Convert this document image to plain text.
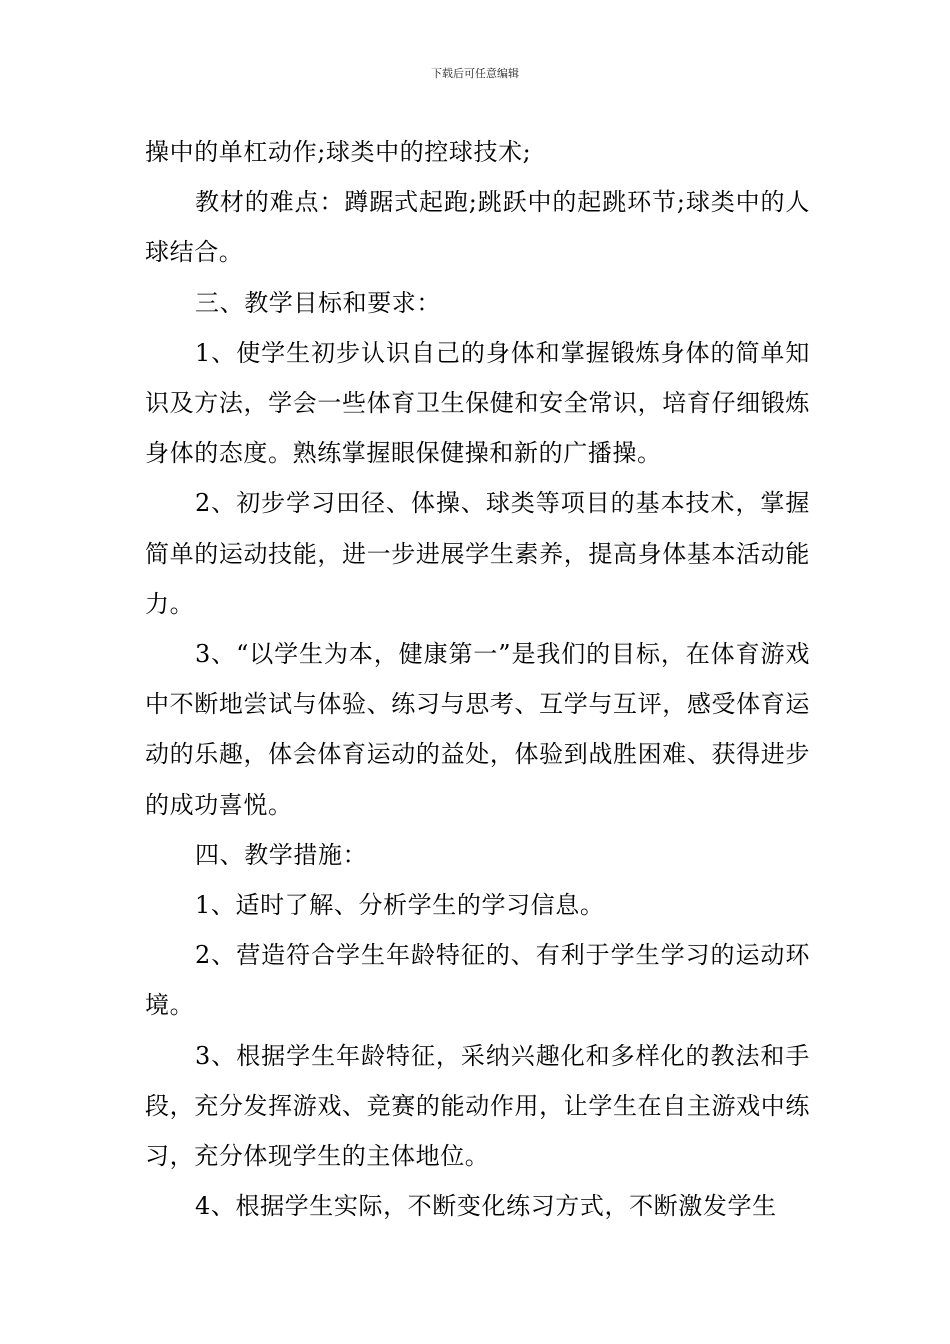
下载后可任意编辑

操中的单杠动作;球类中的控球技术;

教材的难点：蹲踞式起跑;跳跃中的起跳环节;球类中的人球结合。

三、教学目标和要求：

1、使学生初步认识自己的身体和掌握锻炼身体的简单知识及方法，学会一些体育卫生保健和安全常识，培育仔细锻炼身体的态度。熟练掌握眼保健操和新的广播操。

2、初步学习田径、体操、球类等项目的基本技术，掌握简单的运动技能，进一步进展学生素养，提高身体基本活动能力。

3、“以学生为本，健康第一”是我们的目标，在体育游戏中不断地尝试与体验、练习与思考、互学与互评，感受体育运动的乐趣，体会体育运动的益处，体验到战胜困难、获得进步的成功喜悦。

四、教学措施：

1、适时了解、分析学生的学习信息。

2、营造符合学生年龄特征的、有利于学生学习的运动环境。

3、根据学生年龄特征，采纳兴趣化和多样化的教法和手段，充分发挥游戏、竞赛的能动作用，让学生在自主游戏中练习，充分体现学生的主体地位。

4、根据学生实际，不断变化练习方式，不断激发学生
